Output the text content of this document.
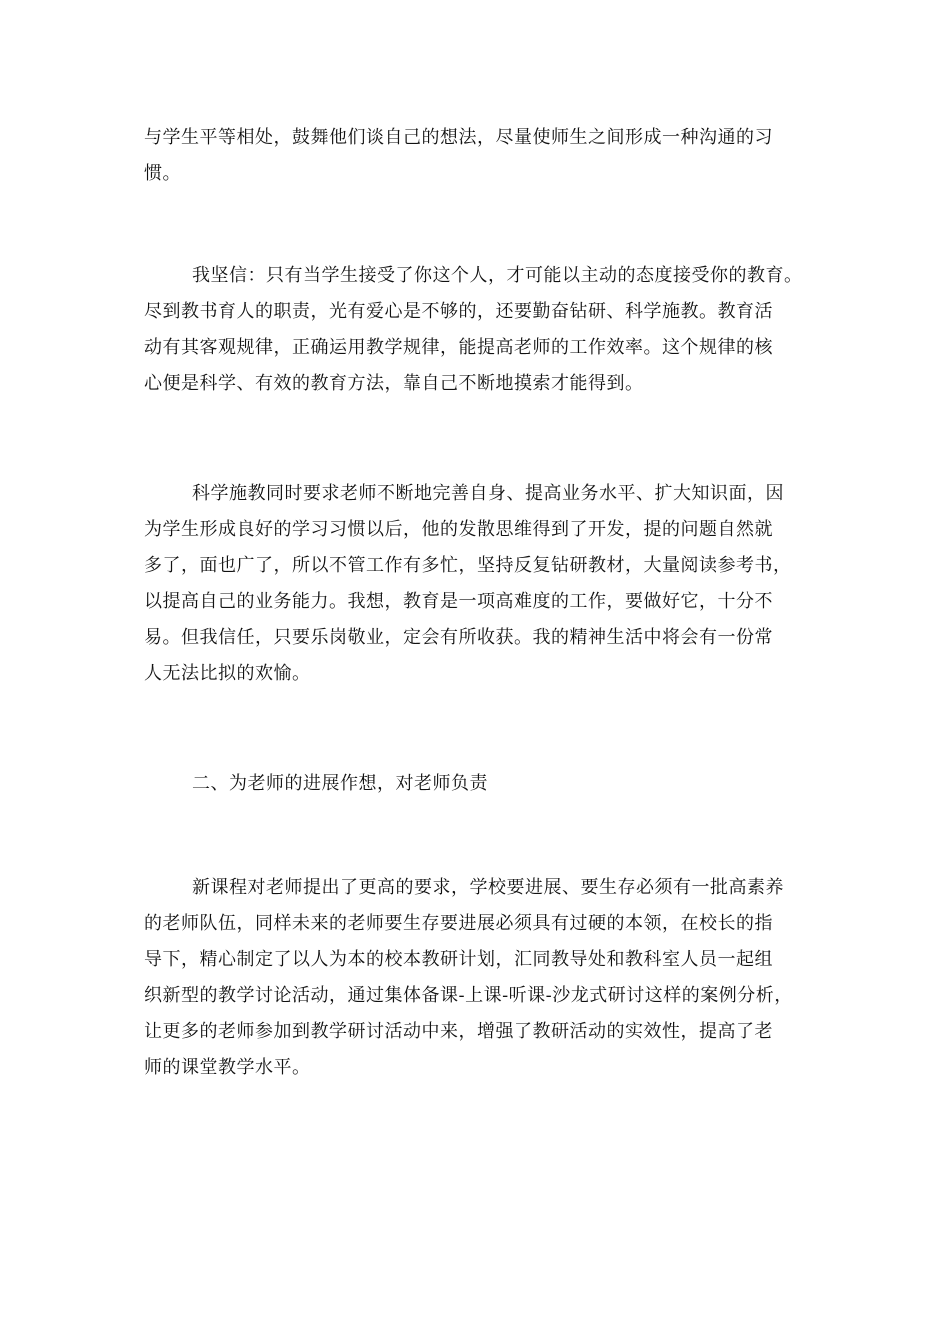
与学生平等相处，鼓舞他们谈自己的想法，尽量使师生之间形成一种沟通的习
惯。
我坚信：只有当学生接受了你这个人，才可能以主动的态度接受你的教育。
尽到教书育人的职责，光有爱心是不够的，还要勤奋钻研、科学施教。教育活
动有其客观规律，正确运用教学规律，能提高老师的工作效率。这个规律的核
心便是科学、有效的教育方法，靠自己不断地摸索才能得到。
科学施教同时要求老师不断地完善自身、提高业务水平、扩大知识面，因
为学生形成良好的学习习惯以后，他的发散思维得到了开发，提的问题自然就
多了，面也广了，所以不管工作有多忙，坚持反复钻研教材，大量阅读参考书，
以提高自己的业务能力。我想，教育是一项高难度的工作，要做好它，十分不
易。但我信任，只要乐岗敬业，定会有所收获。我的精神生活中将会有一份常
人无法比拟的欢愉。
二、为老师的进展作想，对老师负责
新课程对老师提出了更高的要求，学校要进展、要生存必须有一批高素养
的老师队伍，同样未来的老师要生存要进展必须具有过硬的本领，在校长的指
导下，精心制定了以人为本的校本教研计划，汇同教导处和教科室人员一起组
织新型的教学讨论活动，通过集体备课-上课-听课-沙龙式研讨这样的案例分析，
让更多的老师参加到教学研讨活动中来，增强了教研活动的实效性，提高了老
师的课堂教学水平。
